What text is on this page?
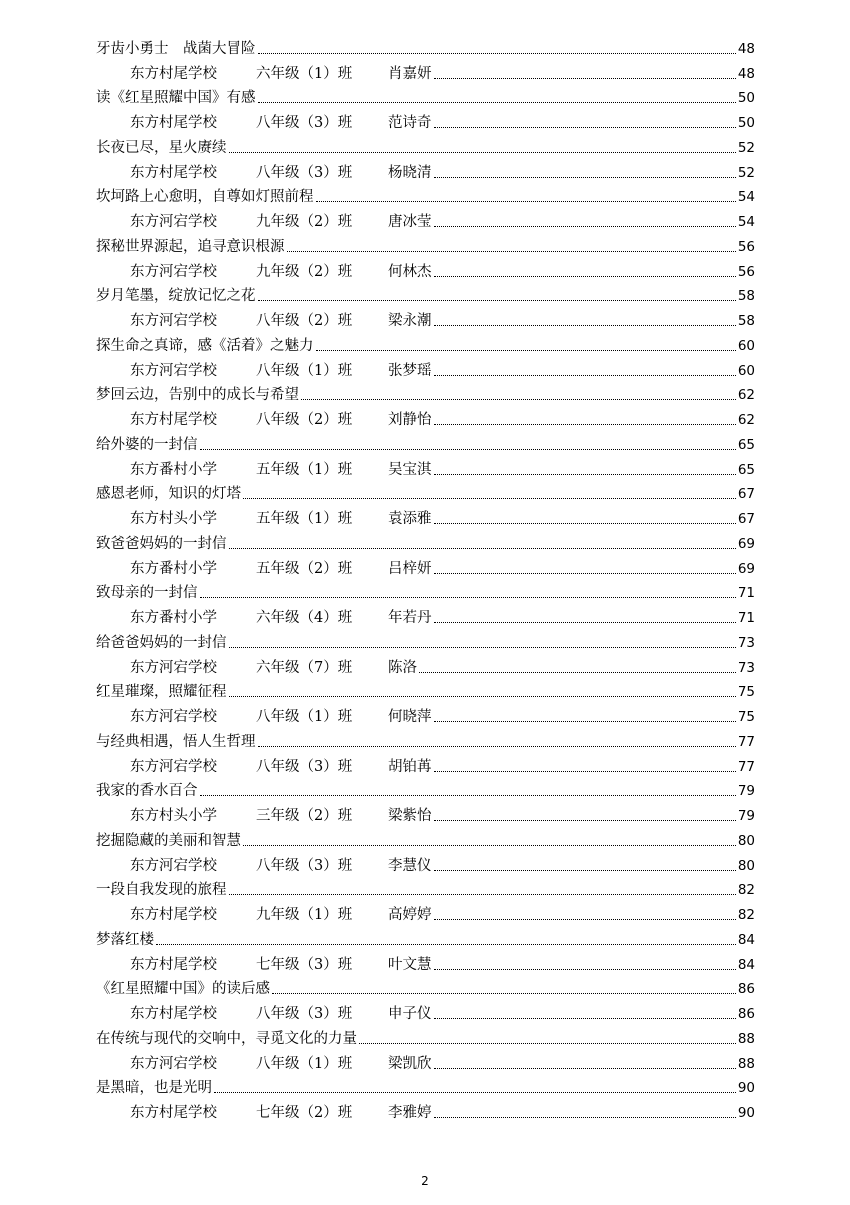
牙齿小勇士　战菌大冒险	48
东方村尾学校	六年级（1）班	肖嘉妍	48
读《红星照耀中国》有感	50
东方村尾学校	八年级（3）班	范诗奇	50
长夜已尽，星火赓续	52
东方村尾学校	八年级（3）班	杨晓清	52
坎坷路上心愈明，自尊如灯照前程	54
东方河宕学校	九年级（2）班	唐冰莹	54
探秘世界源起，追寻意识根源	56
东方河宕学校	九年级（2）班	何林杰	56
岁月笔墨，绽放记忆之花	58
东方河宕学校	八年级（2）班	梁永潮	58
探生命之真谛，感《活着》之魅力	60
东方河宕学校	八年级（1）班	张梦瑶	60
梦回云边，告别中的成长与希望	62
东方村尾学校	八年级（2）班	刘静怡	62
给外婆的一封信	65
东方番村小学	五年级（1）班	吴宝淇	65
感恩老师，知识的灯塔	67
东方村头小学	五年级（1）班	袁添雅	67
致爸爸妈妈的一封信	69
东方番村小学	五年级（2）班	吕梓妍	69
致母亲的一封信	71
东方番村小学	六年级（4）班	年若丹	71
给爸爸妈妈的一封信	73
东方河宕学校	六年级（7）班	陈洛	73
红星璀璨，照耀征程	75
东方河宕学校	八年级（1）班	何晓萍	75
与经典相遇，悟人生哲理	77
东方河宕学校	八年级（3）班	胡铂苒	77
我家的香水百合	79
东方村头小学	三年级（2）班	梁紫怡	79
挖掘隐藏的美丽和智慧	80
东方河宕学校	八年级（3）班	李慧仪	80
一段自我发现的旅程	82
东方村尾学校	九年级（1）班	高婷婷	82
梦落红楼	84
东方村尾学校	七年级（3）班	叶文慧	84
《红星照耀中国》的读后感	86
东方村尾学校	八年级（3）班	申子仪	86
在传统与现代的交响中，寻觅文化的力量	88
东方河宕学校	八年级（1）班	梁凯欣	88
是黑暗，也是光明	90
东方村尾学校	七年级（2）班	李雅婷	90
2
